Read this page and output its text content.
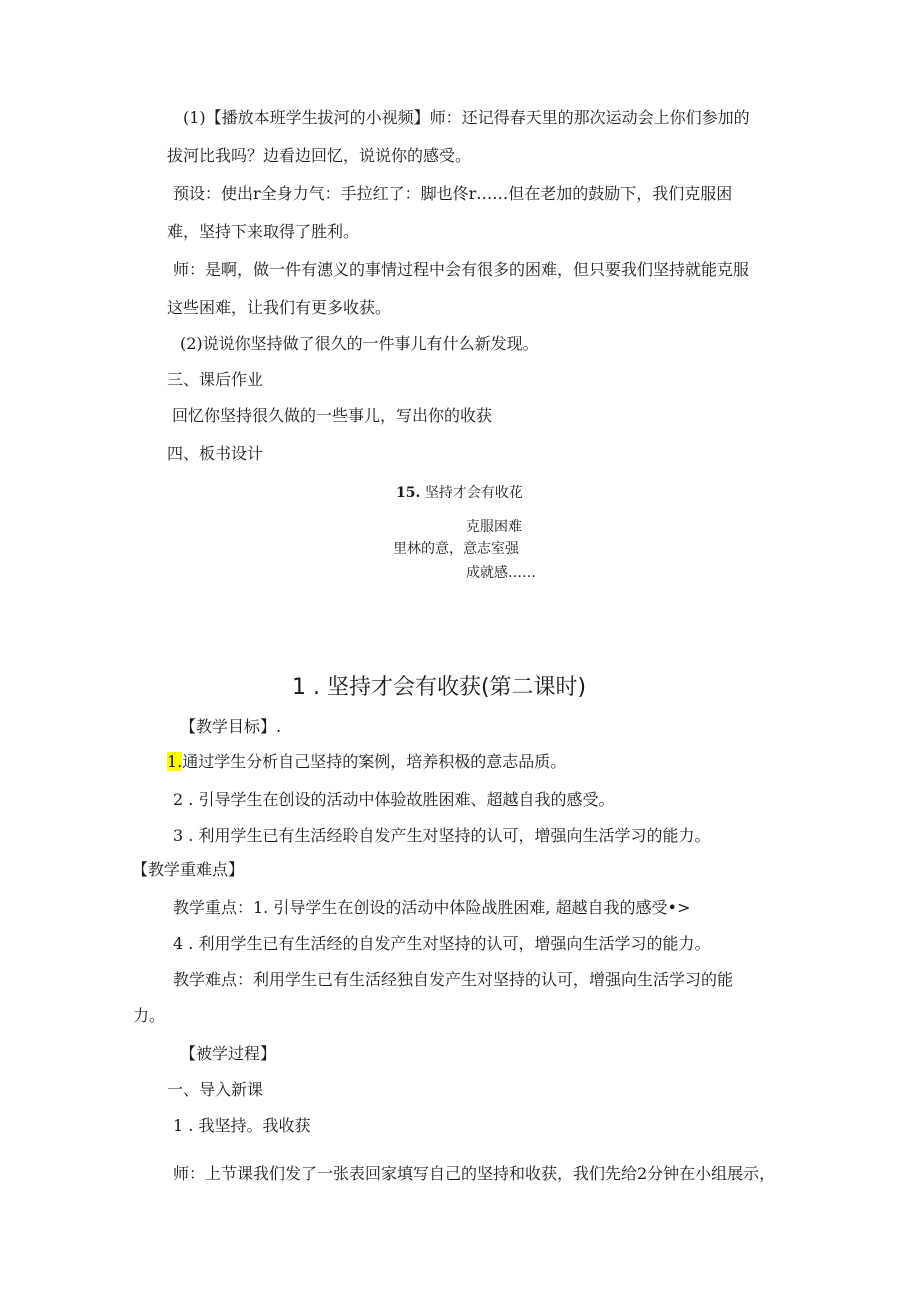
(1)【播放本班学生拔河的小视频】师：还记得春天里的那次运动会上你们参加的
拔河比我吗？边看边回忆，说说你的感受。
预设：使出r全身力气：手拉红了：脚也佟r……但在老加的鼓励下，我们克服困
难，坚持下来取得了胜利。
师：是啊，做一件有潓义的事情过程中会有很多的困难，但只要我们坚持就能克服
这些困难，让我们有更多收获。
(2)说说你坚持做了很久的一件事儿有什么新发现。
三、课后作业
回忆你坚持很久做的一些事儿，写出你的收获
四、板书设计
15. 坚持才会有收花
克服困难
里林的意，意志室强
成就感……
1 . 坚持才会有收获(第二课时)
【教学目标】.
1.通过学生分析自己坚持的案例，培养积极的意志品质。
2 . 引导学生在创设的活动中体验故胜困难、超越自我的感受。
3 . 利用学生已有生活经聆自发产生对坚持的认可，增强向生活学习的能力。
【教学重难点】
教学重点：1. 引导学生在创设的活动中体险战胜困难, 超越自我的感受•>
4 . 利用学生已有生活经的自发产生对坚持的认可，增强向生活学习的能力。
教学难点：利用学生已有生活经独自发产生对坚持的认可，增强向生活学习的能
力。
【被学过程】
一、导入新课
1 . 我坚持。我收获
师：上节课我们发了一张表回家填写自己的坚持和收获，我们先给2分钟在小组展示，
